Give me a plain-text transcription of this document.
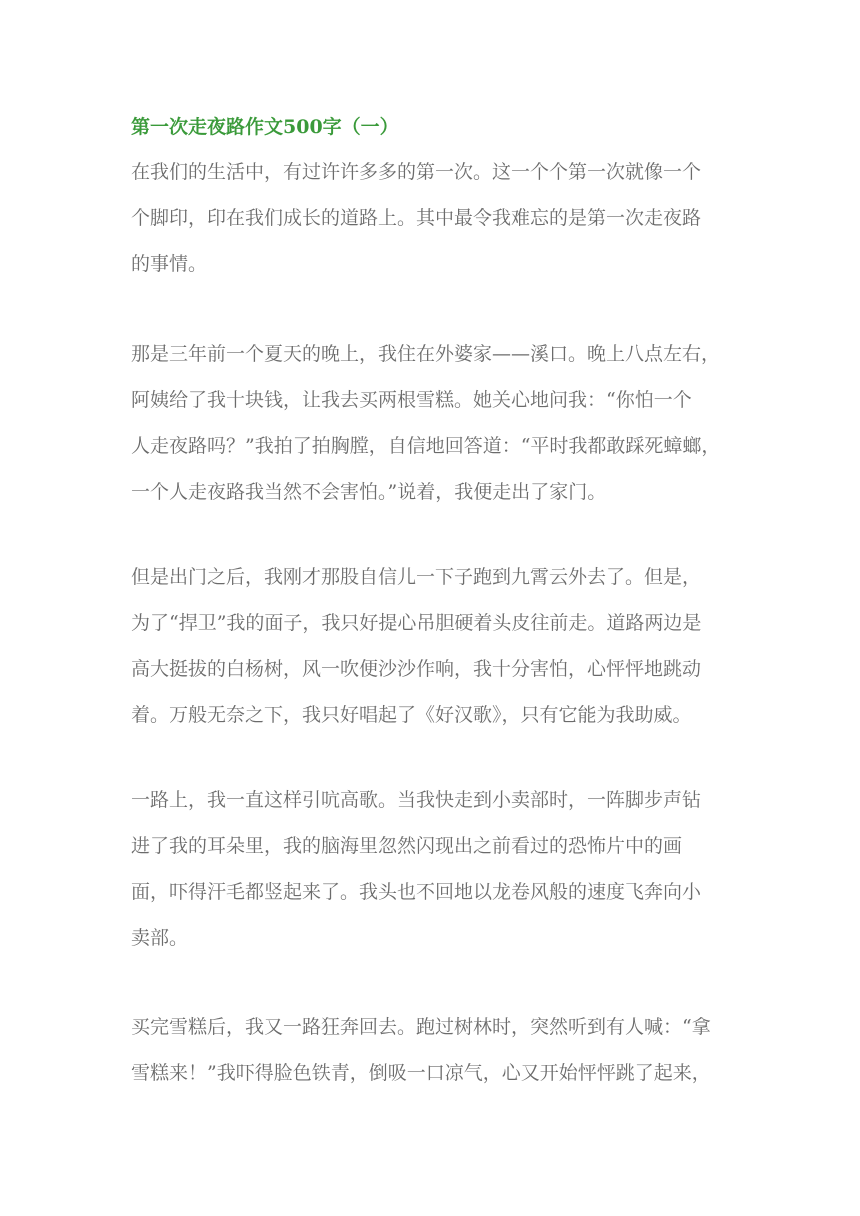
第一次走夜路作文500字（一）
在我们的生活中，有过许许多多的第一次。这一个个第一次就像一个
个脚印，印在我们成长的道路上。其中最令我难忘的是第一次走夜路
的事情。
那是三年前一个夏天的晚上，我住在外婆家——溪口。晚上八点左右，
阿姨给了我十块钱，让我去买两根雪糕。她关心地问我：“你怕一个
人走夜路吗？”我拍了拍胸膛，自信地回答道：“平时我都敢踩死蟑螂，
一个人走夜路我当然不会害怕。”说着，我便走出了家门。
但是出门之后，我刚才那股自信儿一下子跑到九霄云外去了。但是，
为了“捍卫”我的面子，我只好提心吊胆硬着头皮往前走。道路两边是
高大挺拔的白杨树，风一吹便沙沙作响，我十分害怕，心怦怦地跳动
着。万般无奈之下，我只好唱起了《好汉歌》，只有它能为我助威。
一路上，我一直这样引吭高歌。当我快走到小卖部时，一阵脚步声钻
进了我的耳朵里，我的脑海里忽然闪现出之前看过的恐怖片中的画
面，吓得汗毛都竖起来了。我头也不回地以龙卷风般的速度飞奔向小
卖部。
买完雪糕后，我又一路狂奔回去。跑过树林时，突然听到有人喊：“拿
雪糕来！”我吓得脸色铁青，倒吸一口凉气，心又开始怦怦跳了起来，
